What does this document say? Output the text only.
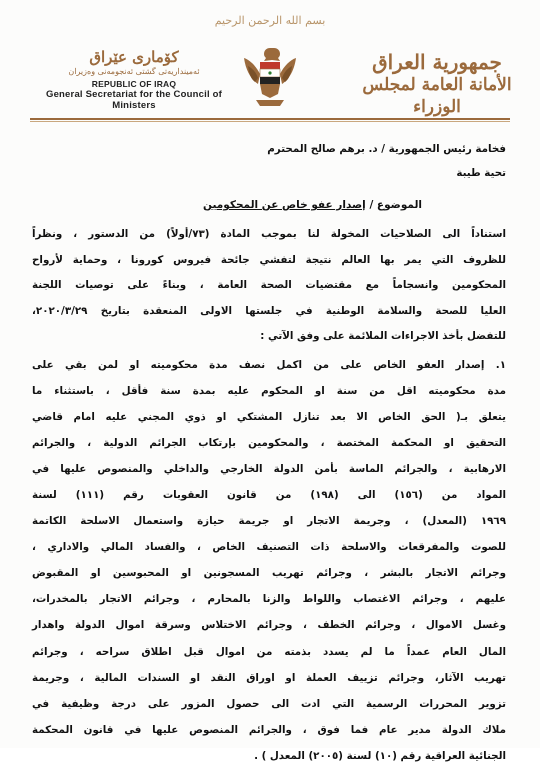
بسم الله الرحمن الرحيم
جمهورية العراق
الأمانة العامة لمجلس الوزراء
كۆماری عێراق
ئه‌مینداریه‌تی گشتی ئه‌نجومه‌نی وه‌زیران
REPUBLIC OF IRAQ
General Secretariat for the Council of Ministers
فخامة رئيس الجمهورية / د. برهم صالح المحترم
تحية طيبة
الموضوع / إصدار عفو خاص عن المحكومين

استناداً الى الصلاحيات المخولة لنا بموجب المادة (٧٣/أولاً) من الدستور ، ونظراً

للظروف التي يمر بها العالم نتيجة لتفشي جائحة فيروس كورونا ، وحماية لأرواح

المحكومين وانسجاماً مع مقتضيات الصحة العامة ، وبناءً على توصيات اللجنة

العليا للصحة والسلامة الوطنية في جلستها الاولى المنعقدة بتاريخ ٢٠٢٠/٣/٢٩،

للتفضل بأخذ الاجراءات الملائمة على وفق الآتي :

١. إصدار العفو الخاص على من اكمل نصف مدة محكوميته او لمن بقي على

مدة محكوميته اقل من سنة او المحكوم عليه بمدة سنة فأقل ، باستثناء ما

يتعلق بـ( الحق الخاص الا بعد تنازل المشتكي او ذوي المجني عليه امام قاضي

التحقيق او المحكمة المختصة ، والمحكومين بإرتكاب الجرائم الدولية ، والجرائم

الارهابية ، والجرائم الماسة بأمن الدولة الخارجي والداخلي والمنصوص عليها في

المواد من (١٥٦) الى (١٩٨) من قانون العقوبات رقم (١١١) لسنة

١٩٦٩ (المعدل) ، وجريمة الاتجار او جريمة حيازة واستعمال الاسلحة الكاتمة

للصوت والمفرقعات والاسلحة ذات التصنيف الخاص ، والفساد المالي والاداري ،

وجرائم الاتجار بالبشر ، وجرائم تهريب المسجونين او المحبوسين او المقبوض

عليهم ، وجرائم الاغتصاب واللواط والزنا بالمحارم ، وجرائم الاتجار بالمخدرات،

وغسل الاموال ، وجرائم الخطف ، وجرائم الاختلاس وسرقة اموال الدولة واهدار

المال العام عمداً ما لم يسدد بذمته من اموال قبل اطلاق سراحه ، وجرائم

تهريب الآثار، وجرائم تزييف العملة او اوراق النقد او السندات المالية ، وجريمة

تزوير المحررات الرسمية التي ادت الى حصول المزور على درجة وظيفية في

ملاك الدولة مدير عام فما فوق ، والجرائم المنصوص عليها في قانون المحكمة

الجنائية العراقية رقم (١٠) لسنة (٢٠٠٥) المعدل ) .
